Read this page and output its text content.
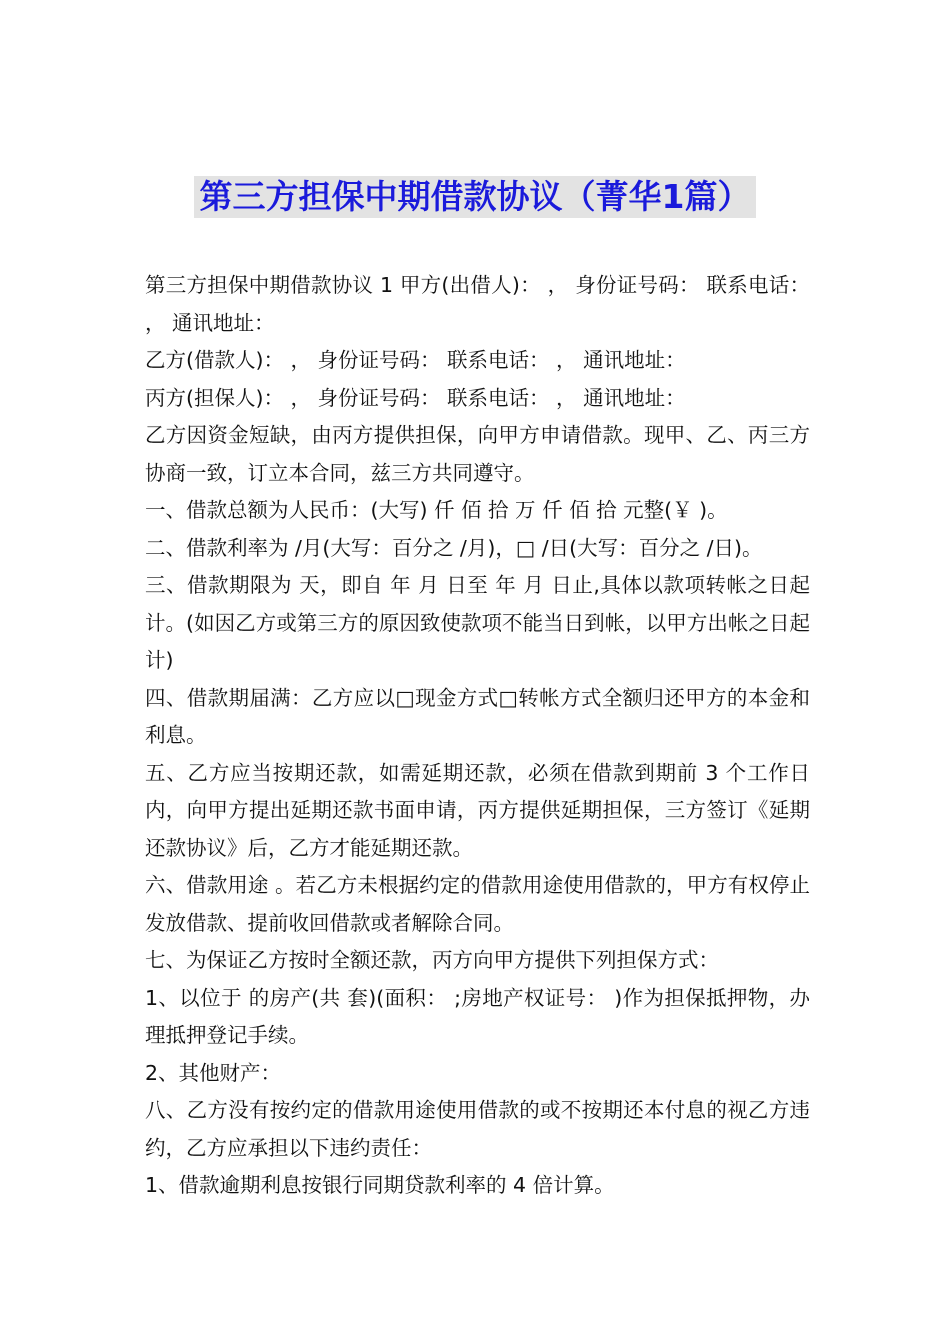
第三方担保中期借款协议（菁华1篇）

第三方担保中期借款协议 1 甲方(出借人)： ， 身份证号码： 联系电话： ， 通讯地址：

乙方(借款人)： ， 身份证号码： 联系电话： ， 通讯地址：

丙方(担保人)： ， 身份证号码： 联系电话： ， 通讯地址：

乙方因资金短缺，由丙方提供担保，向甲方申请借款。现甲、乙、丙三方协商一致，订立本合同，兹三方共同遵守。

一、借款总额为人民币：(大写) 仟 佰 拾 万 仟 佰 拾 元整(￥ )。

二、借款利率为 /月(大写：百分之 /月)，□ /日(大写：百分之 /日)。

三、借款期限为 天，即自 年 月 日至 年 月 日止,具体以款项转帐之日起计。(如因乙方或第三方的原因致使款项不能当日到帐，以甲方出帐之日起计)

四、借款期届满：乙方应以□现金方式□转帐方式全额归还甲方的本金和利息。

五、乙方应当按期还款，如需延期还款，必须在借款到期前 3 个工作日内，向甲方提出延期还款书面申请，丙方提供延期担保，三方签订《延期还款协议》后，乙方才能延期还款。

六、借款用途 。若乙方未根据约定的借款用途使用借款的，甲方有权停止发放借款、提前收回借款或者解除合同。

七、为保证乙方按时全额还款，丙方向甲方提供下列担保方式：

1、以位于 的房产(共 套)(面积： ;房地产权证号： )作为担保抵押物，办理抵押登记手续。

2、其他财产：

八、乙方没有按约定的借款用途使用借款的或不按期还本付息的视乙方违约，乙方应承担以下违约责任：

1、借款逾期利息按银行同期贷款利率的 4 倍计算。
